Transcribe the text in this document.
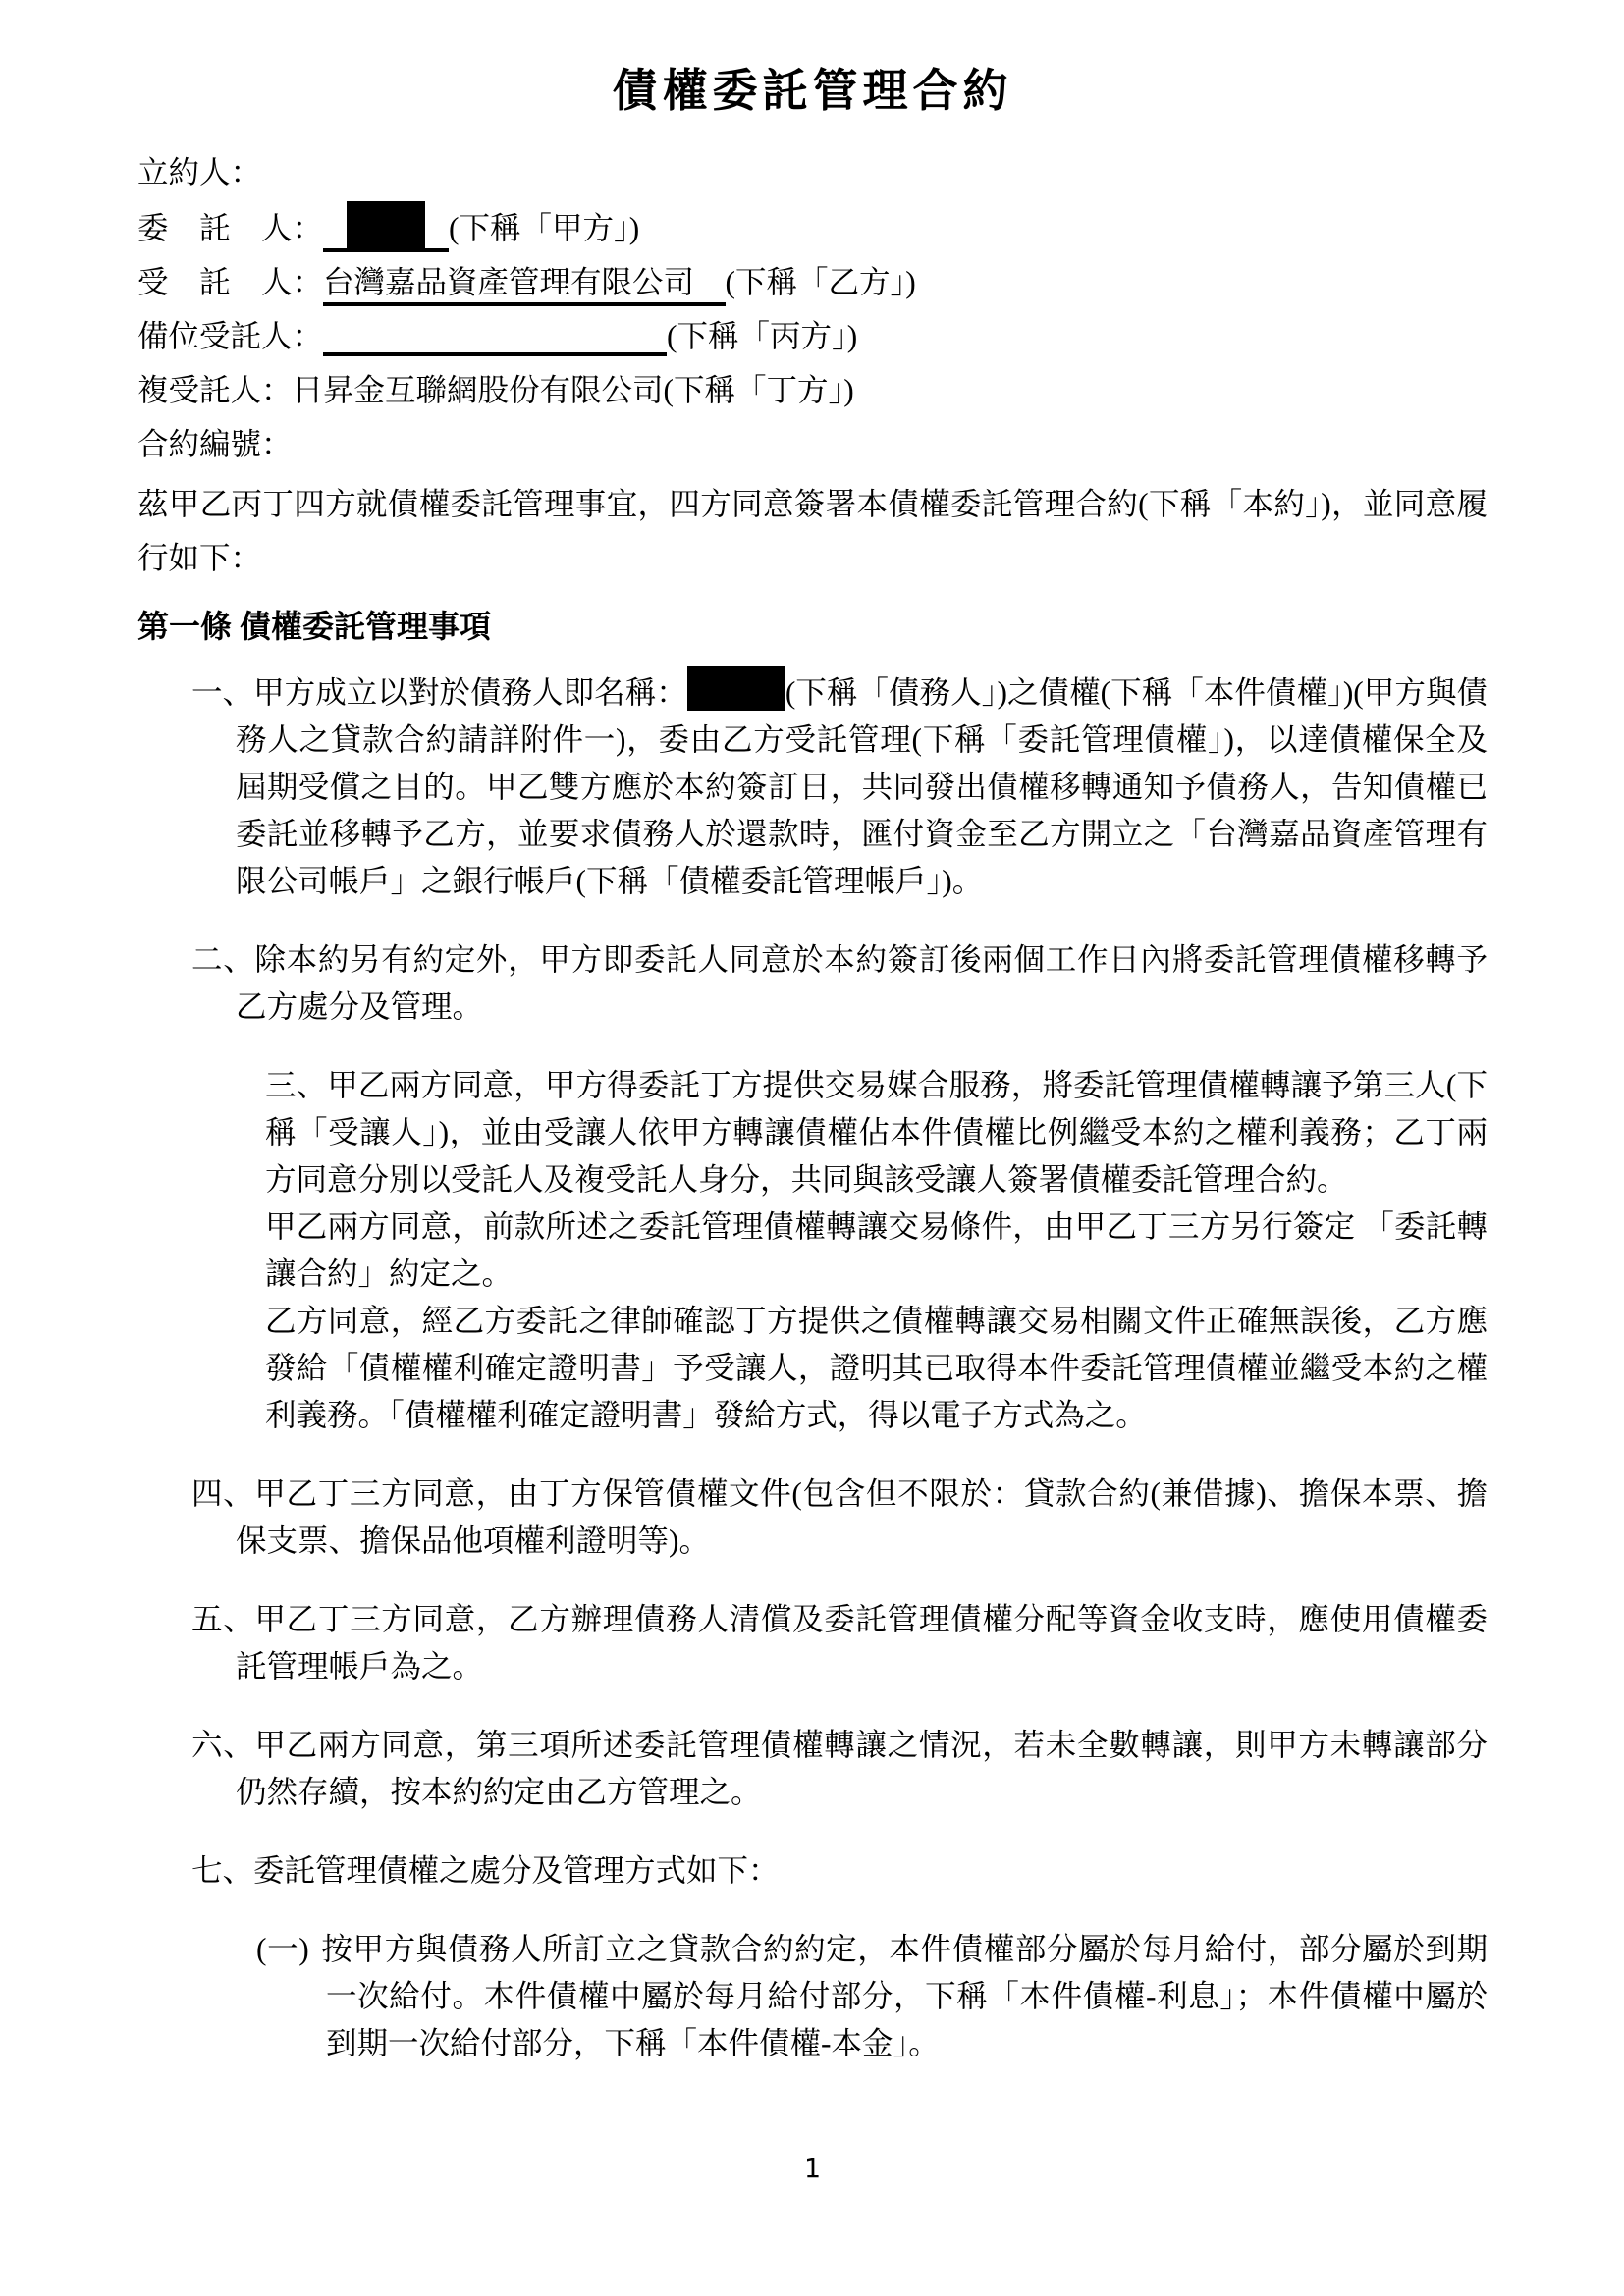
債權委託管理合約
立約人：
委　託　人：	(下稱「甲方」)
受　託　人：台灣嘉品資產管理有限公司　(下稱「乙方」)
備位受託人：	(下稱「丙方」)
複受託人：日昇金互聯網股份有限公司(下稱「丁方」)
合約編號：

茲甲乙丙丁四方就債權委託管理事宜，四方同意簽署本債權委託管理合約(下稱「本約」)，並同意履行如下：

第一條 債權委託管理事項
一、甲方成立以對於債務人即名稱：	(下稱「債務人」)之債權(下稱「本件債權」)(甲方與債務人之貸款合約請詳附件一)，委由乙方受託管理(下稱「委託管理債權」)，以達債權保全及屆期受償之目的。甲乙雙方應於本約簽訂日，共同發出債權移轉通知予債務人，告知債權已委託並移轉予乙方，並要求債務人於還款時，匯付資金至乙方開立之「台灣嘉品資產管理有限公司帳戶」之銀行帳戶(下稱「債權委託管理帳戶」)。
二、除本約另有約定外，甲方即委託人同意於本約簽訂後兩個工作日內將委託管理債權移轉予乙方處分及管理。
三、甲乙兩方同意，甲方得委託丁方提供交易媒合服務，將委託管理債權轉讓予第三人(下稱「受讓人」)，並由受讓人依甲方轉讓債權佔本件債權比例繼受本約之權利義務；乙丁兩方同意分別以受託人及複受託人身分，共同與該受讓人簽署債權委託管理合約。
甲乙兩方同意，前款所述之委託管理債權轉讓交易條件，由甲乙丁三方另行簽定 「委託轉讓合約」約定之。
乙方同意，經乙方委託之律師確認丁方提供之債權轉讓交易相關文件正確無誤後，乙方應發給「債權權利確定證明書」予受讓人，證明其已取得本件委託管理債權並繼受本約之權利義務。「債權權利確定證明書」發給方式，得以電子方式為之。
四、甲乙丁三方同意，由丁方保管債權文件(包含但不限於：貸款合約(兼借據)、擔保本票、擔保支票、擔保品他項權利證明等)。
五、甲乙丁三方同意，乙方辦理債務人清償及委託管理債權分配等資金收支時，應使用債權委託管理帳戶為之。
六、甲乙兩方同意，第三項所述委託管理債權轉讓之情況，若未全數轉讓，則甲方未轉讓部分仍然存續，按本約約定由乙方管理之。
七、委託管理債權之處分及管理方式如下：
(一) 按甲方與債務人所訂立之貸款合約約定，本件債權部分屬於每月給付，部分屬於到期一次給付。本件債權中屬於每月給付部分，下稱「本件債權-利息」；本件債權中屬於到期一次給付部分，下稱「本件債權-本金」。
1
